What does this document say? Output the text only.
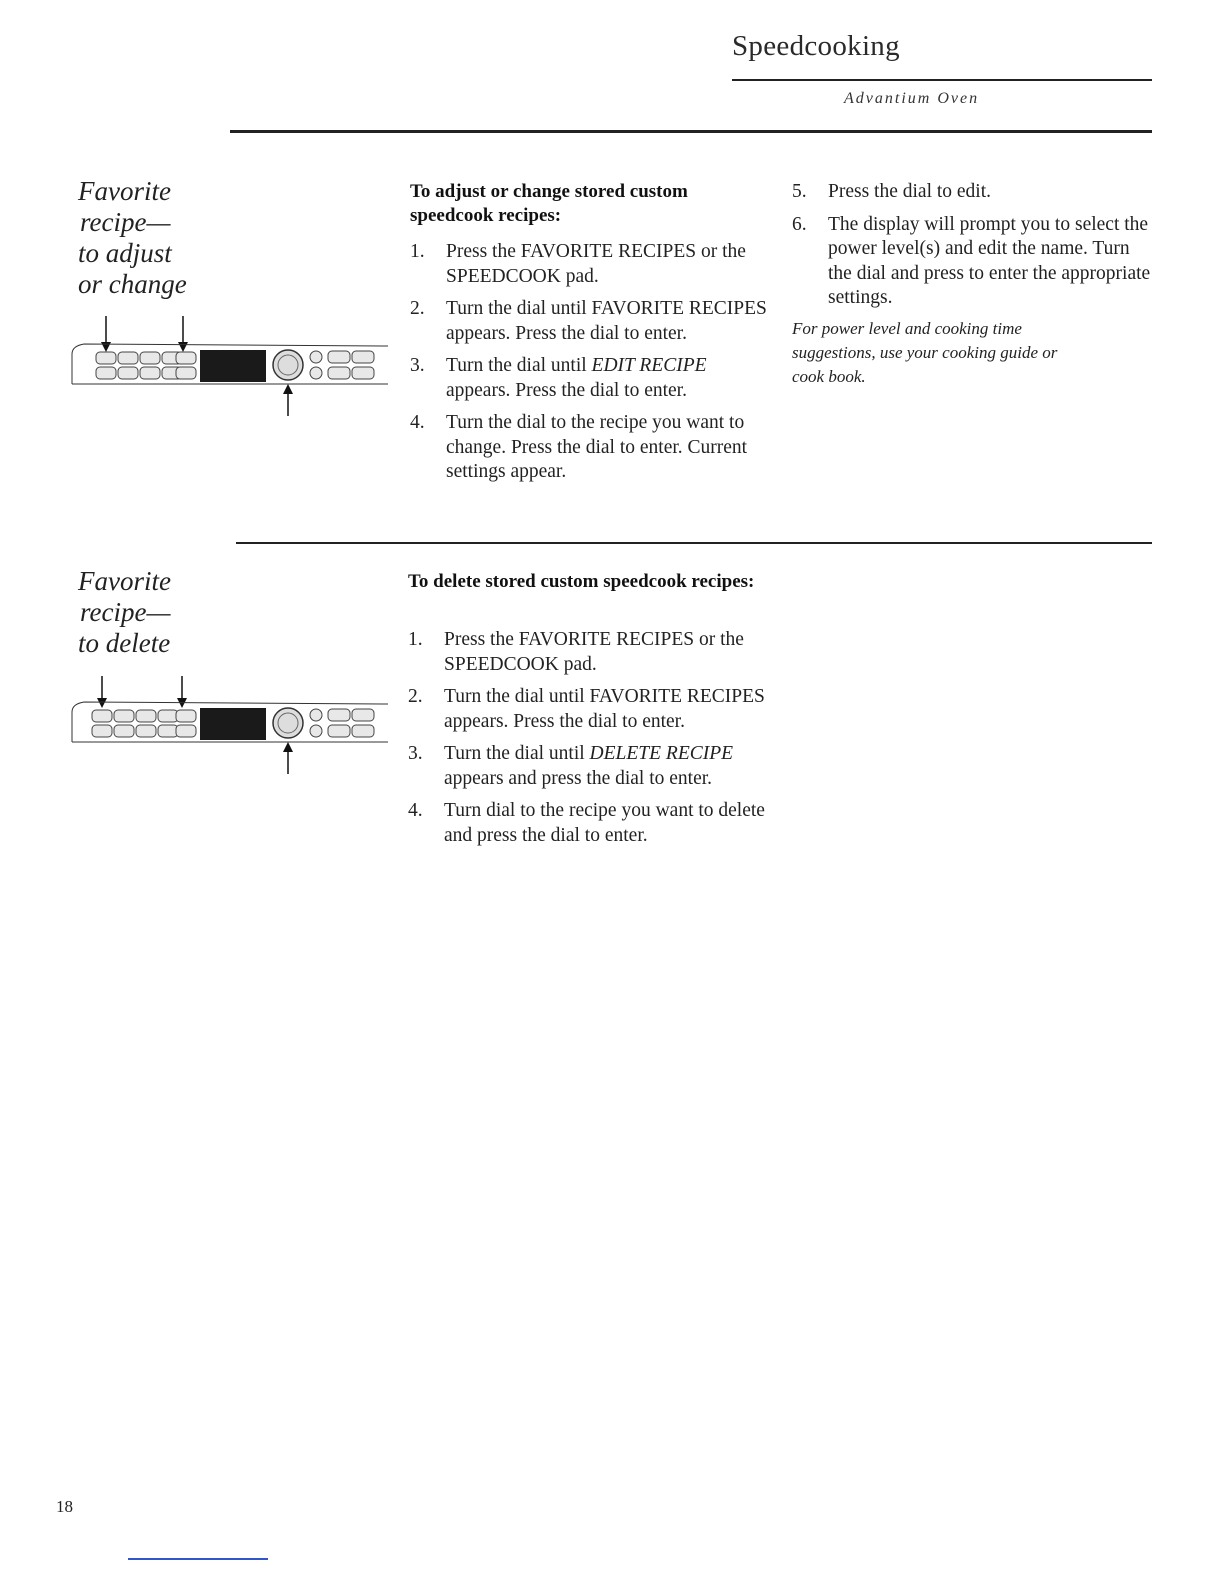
Speedcooking
Advantium Oven
Favorite
recipe—
to adjust
or change
To adjust or change stored custom speedcook recipes:
1.	Press the FAVORITE RECIPES or the SPEEDCOOK pad.
2.	Turn the dial until FAVORITE RECIPES appears. Press the dial to enter.
3.	Turn the dial until EDIT RECIPE appears. Press the dial to enter.
4.	Turn the dial to the recipe you want to change. Press the dial to enter. Current settings appear.
5.	Press the dial to edit.
6.	The display will prompt you to select the power level(s) and edit the name. Turn the dial and press to enter the appropriate settings.
For power level and cooking time suggestions, use your cooking guide or cook book.
Favorite
recipe—
to delete
To delete stored custom speedcook recipes:
1.	Press the FAVORITE RECIPES or the SPEEDCOOK pad.
2.	Turn the dial until FAVORITE RECIPES appears. Press the dial to enter.
3.	Turn the dial until DELETE RECIPE appears and press the dial to enter.
4.	Turn dial to the recipe you want to delete and press the dial to enter.
18
